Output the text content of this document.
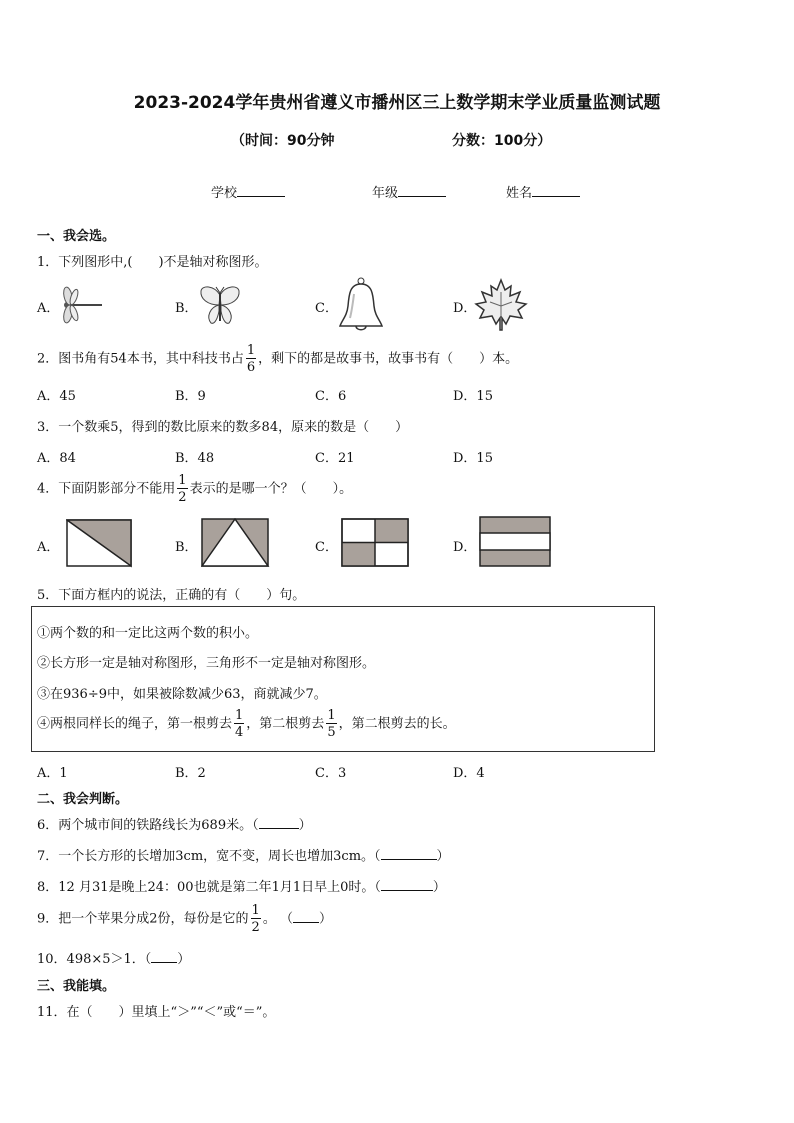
2023-2024学年贵州省遵义市播州区三上数学期末学业质量监测试题
（时间：90分钟	分数：100分）
学校	年级	姓名
一、我会选。
1．下列图形中,(　　)不是轴对称图形。
A．	B．	C．	D．
2．图书角有54本书，其中科技书占 $\frac{1}{6}$ ，剩下的都是故事书，故事书有（　　）本。
A．45	B．9	C．6	D．15
3．一个数乘5，得到的数比原来的数多84，原来的数是（　　）
A．84	B．48	C．21	D．15
4．下面阴影部分不能用 $\frac{1}{2}$ 表示的是哪一个？（　　）。
A．	B．	C．	D．
5．下面方框内的说法，正确的有（　　）句。
①两个数的和一定比这两个数的积小。
②长方形一定是轴对称图形，三角形不一定是轴对称图形。
③在936÷9中，如果被除数减少63，商就减少7。
④两根同样长的绳子，第一根剪去 $\frac{1}{4}$ ，第二根剪去 $\frac{1}{5}$ ，第二根剪去的长。
A．1	B．2	C．3	D．4
二、我会判断。
6．两个城市间的铁路线长为689米。（	）
7．一个长方形的长增加3cm，宽不变，周长也增加3cm。（	）
8．12 月31是晚上24：00也就是第二年1月1日早上0时。（	）
9．把一个苹果分成2份，每份是它的 $\frac{1}{2}$ 。 （ ）
10．498×5＞1．（ ）
三、我能填。
11．在（　　）里填上“＞”“＜”或“＝”。
